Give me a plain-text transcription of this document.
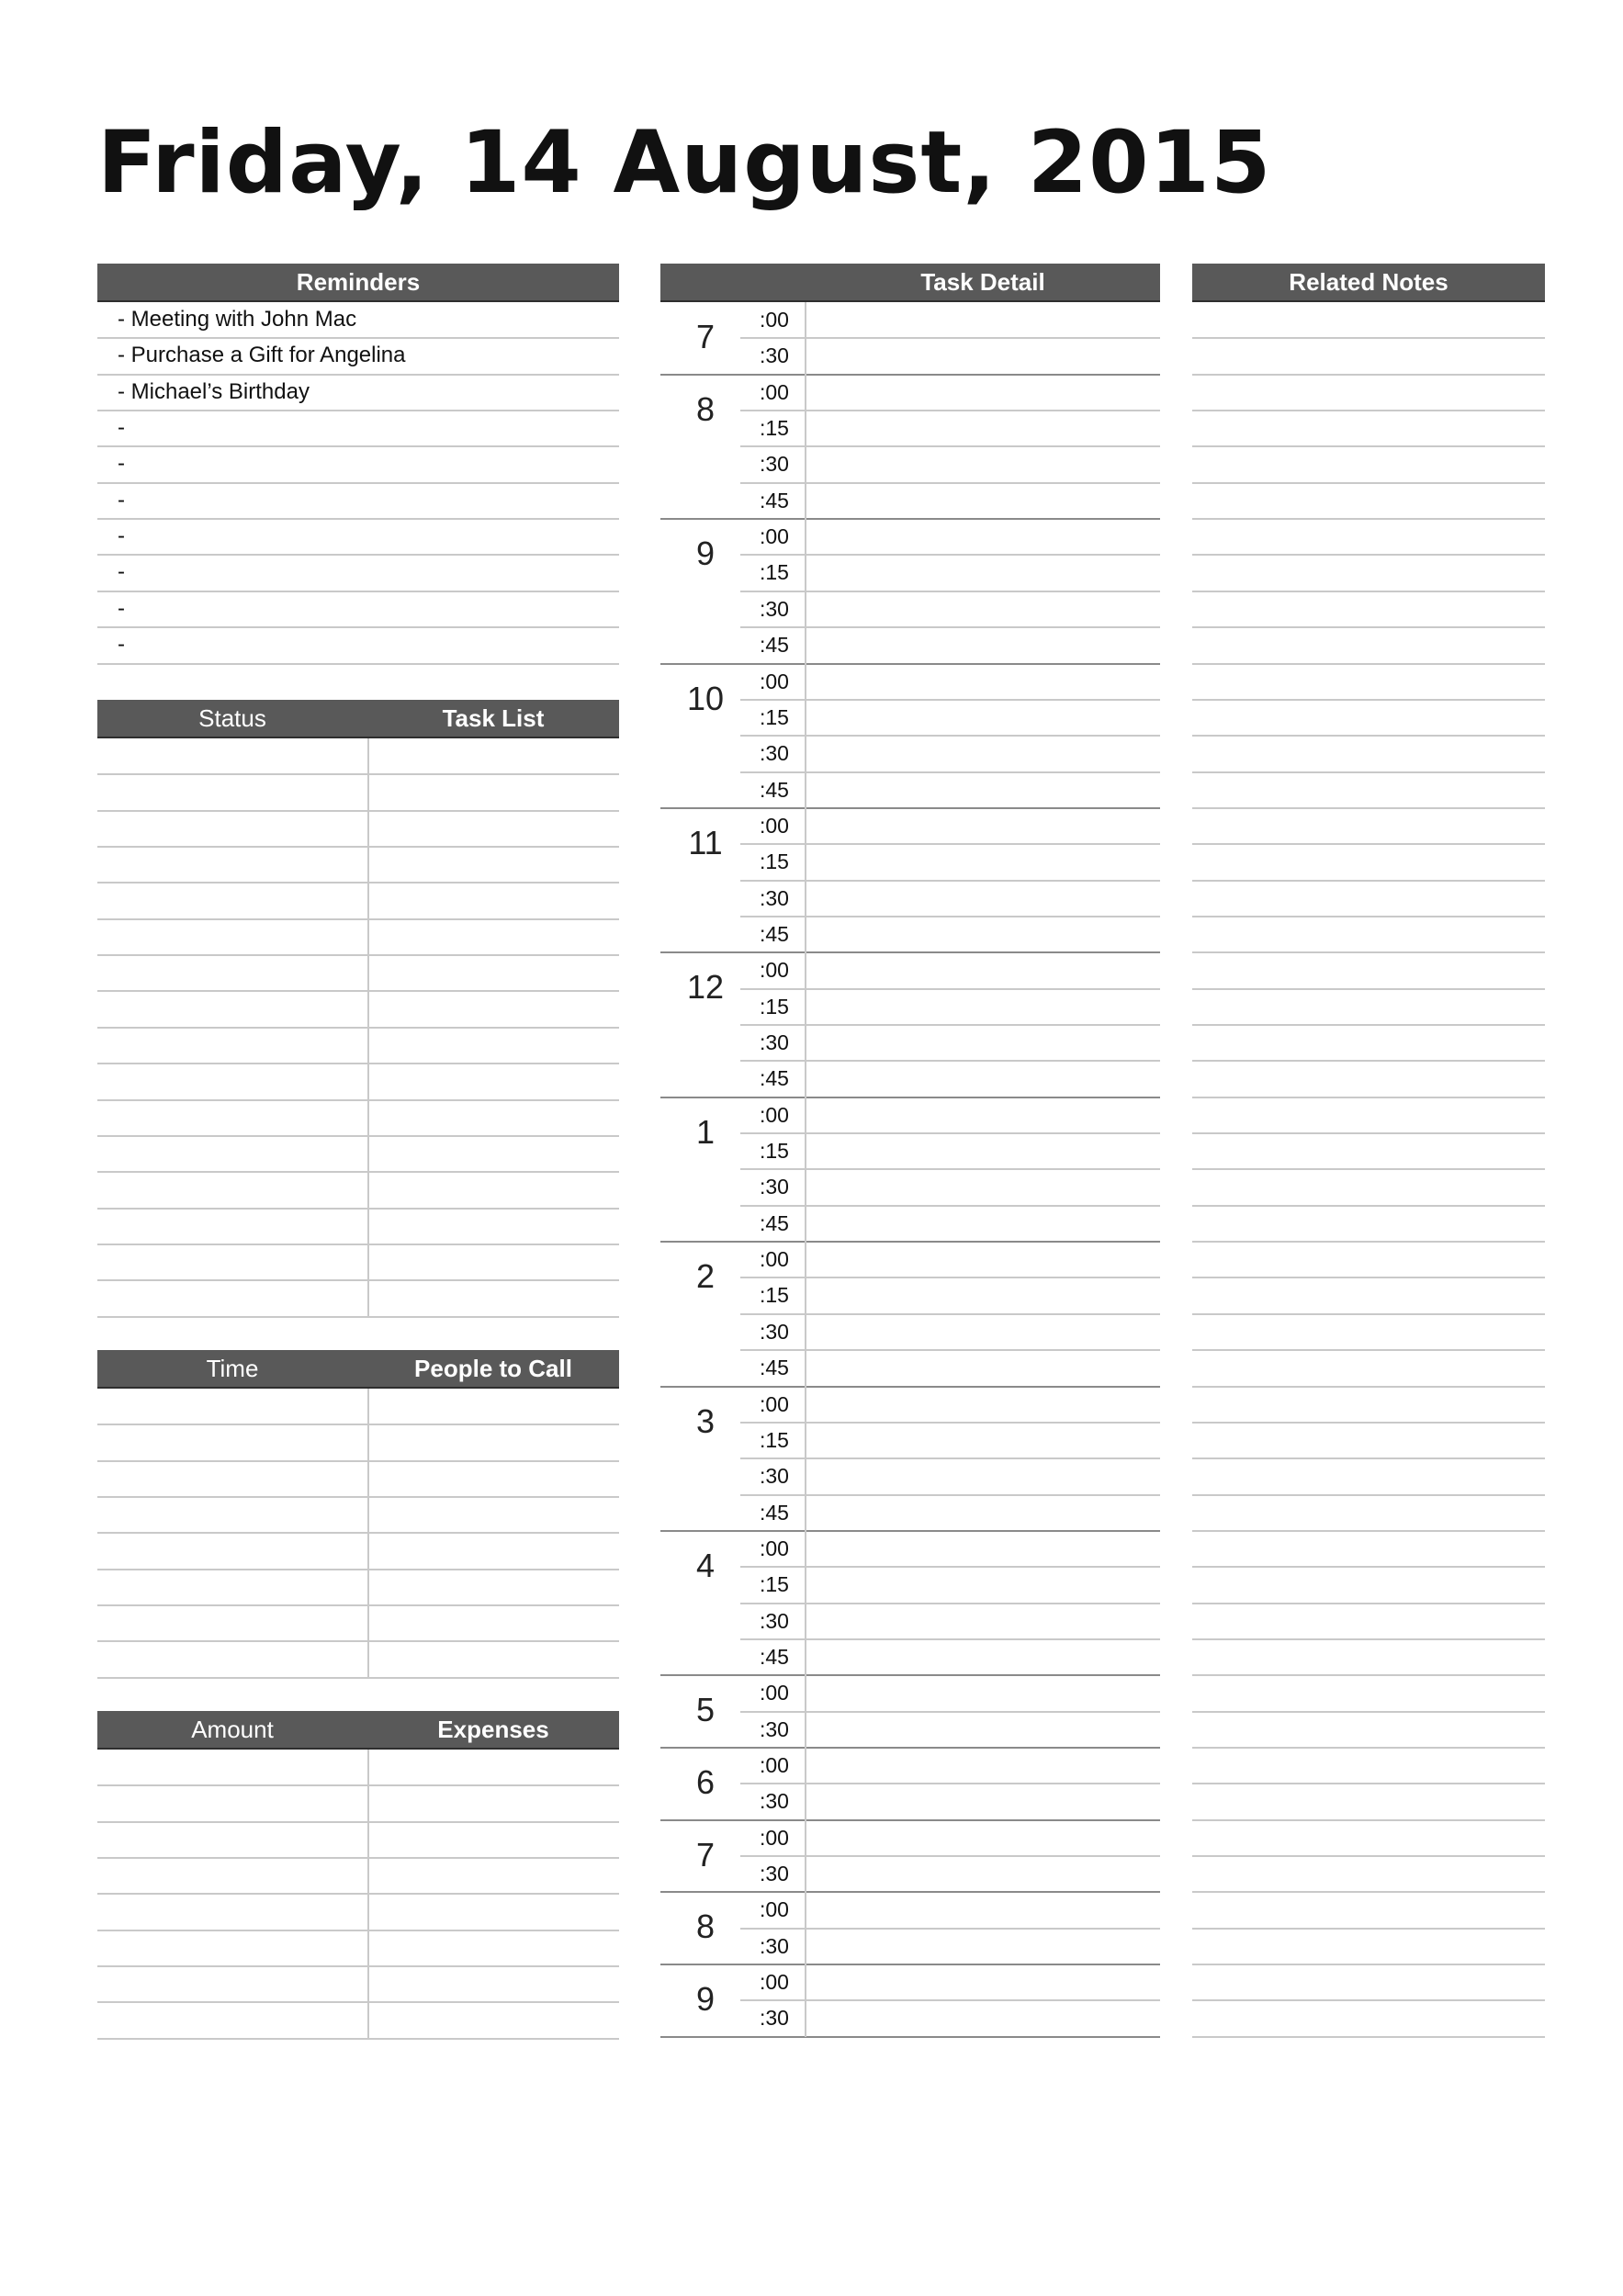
Friday, 14 August, 2015
Reminders
- Meeting with John Mac
- Purchase a Gift for Angelina
- Michael’s Birthday
-
-
-
-
-
-
-
Status	Task List
Time	People to Call
Amount	Expenses
Task Detail
7	:00
:30
8	:00
:15
:30
:45
9	:00
:15
:30
:45
10	:00
:15
:30
:45
11	:00
:15
:30
:45
12	:00
:15
:30
:45
1	:00
:15
:30
:45
2	:00
:15
:30
:45
3	:00
:15
:30
:45
4	:00
:15
:30
:45
5	:00
:30
6	:00
:30
7	:00
:30
8	:00
:30
9	:00
:30
Related Notes
